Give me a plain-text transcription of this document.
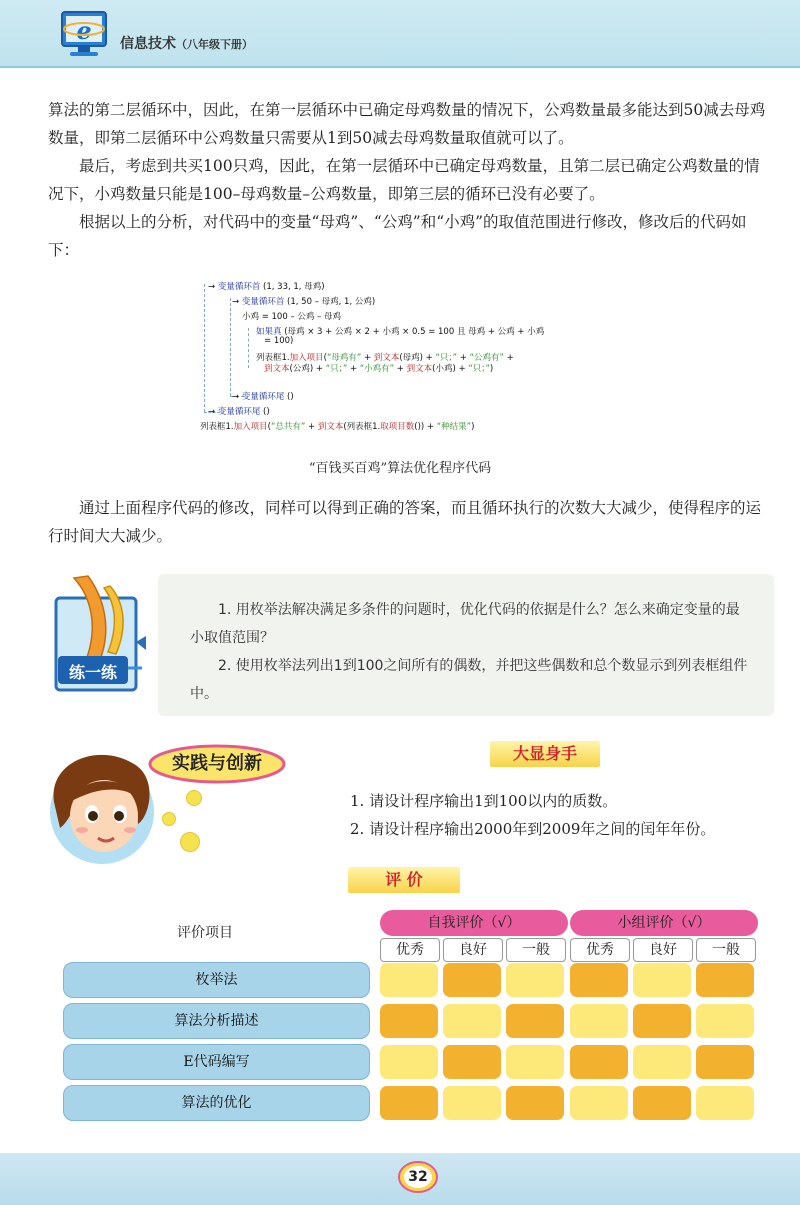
e 信息技术（八年级下册）
算法的第二层循环中，因此，在第一层循环中已确定母鸡数量的情况下，公鸡数量最多能达到50减去母鸡数量，即第二层循环中公鸡数量只需要从1到50减去母鸡数量取值就可以了。
最后，考虑到共买100只鸡，因此，在第一层循环中已确定母鸡数量，且第二层已确定公鸡数量的情况下，小鸡数量只能是100–母鸡数量–公鸡数量，即第三层的循环已没有必要了。
根据以上的分析，对代码中的变量“母鸡”、“公鸡”和“小鸡”的取值范围进行修改，修改后的代码如下：
→ 变量循环首 (1, 33, 1, 母鸡)
→ 变量循环首 (1, 50 – 母鸡, 1, 公鸡)
小鸡 = 100 – 公鸡 – 母鸡
如果真 (母鸡 × 3 + 公鸡 × 2 + 小鸡 × 0.5 = 100 且 母鸡 + 公鸡 + 小鸡
= 100)
列表框1.加入项目(“母鸡有” + 到文本(母鸡) + “只；” + “公鸡有” +
到文本(公鸡) + “只；” + “小鸡有” + 到文本(小鸡) + “只；”)
→ 变量循环尾 ()
→ 变量循环尾 ()
列表框1.加入项目(“总共有” + 到文本(列表框1.取项目数()) + “种结果”)
“百钱买百鸡”算法优化程序代码
通过上面程序代码的修改，同样可以得到正确的答案，而且循环执行的次数大大减少，使得程序的运行时间大大减少。
练一练
1. 用枚举法解决满足多条件的问题时，优化代码的依据是什么？怎么来确定变量的最小取值范围？
2. 使用枚举法列出1到100之间所有的偶数，并把这些偶数和总个数显示到列表框组件中。
实践与创新	大显身手
1. 请设计程序输出1到100以内的质数。
2. 请设计程序输出2000年到2009年之间的闰年年份。
评 价
评价项目
自我评价（√）	小组评价（√）
优秀	良好	一般	优秀	良好	一般
枚举法
算法分析描述
E代码编写
算法的优化
32
